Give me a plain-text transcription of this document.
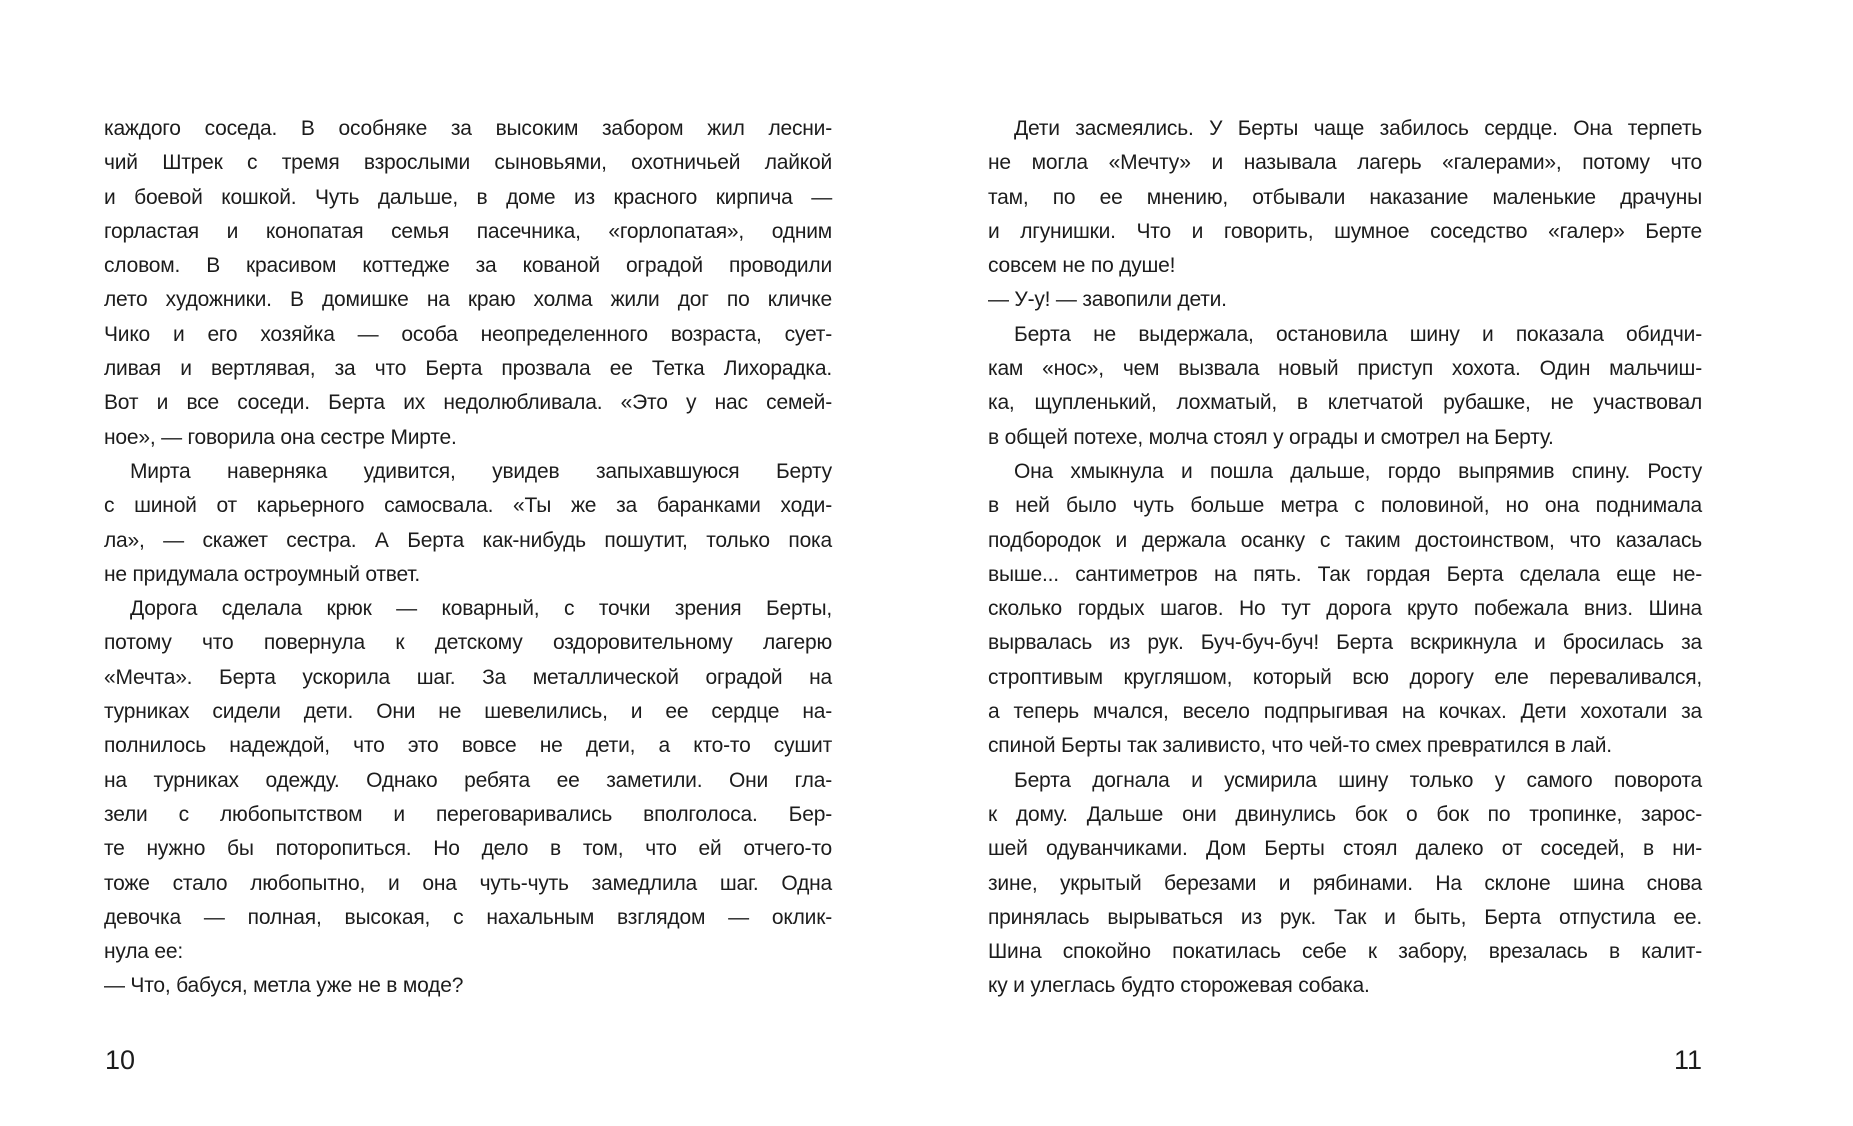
каждого соседа. В особняке за высоким забором жил лесни-
чий Штрек с тремя взрослыми сыновьями, охотничьей лайкой
и боевой кошкой. Чуть дальше, в доме из красного кирпича —
горластая и конопатая семья пасечника, «горлопатая», одним
словом. В красивом коттедже за кованой оградой проводили
лето художники. В домишке на краю холма жили дог по кличке
Чико и его хозяйка — особа неопределенного возраста, сует-
ливая и вертлявая, за что Берта прозвала ее Тетка Лихорадка.
Вот и все соседи. Берта их недолюбливала. «Это у нас семей-
ное», — говорила она сестре Мирте.
Мирта наверняка удивится, увидев запыхавшуюся Берту
с шиной от карьерного самосвала. «Ты же за баранками ходи-
ла», — скажет сестра. А Берта как-нибудь пошутит, только пока
не придумала остроумный ответ.
Дорога сделала крюк — коварный, с точки зрения Берты,
потому что повернула к детскому оздоровительному лагерю
«Мечта». Берта ускорила шаг. За металлической оградой на
турниках сидели дети. Они не шевелились, и ее сердце на-
полнилось надеждой, что это вовсе не дети, а кто-то сушит
на турниках одежду. Однако ребята ее заметили. Они гла-
зели с любопытством и переговаривались вполголоса. Бер-
те нужно бы поторопиться. Но дело в том, что ей отчего-то
тоже стало любопытно, и она чуть-чуть замедлила шаг. Одна
девочка — полная, высокая, с нахальным взглядом — оклик-
нула ее:
— Что, бабуся, метла уже не в моде?
Дети засмеялись. У Берты чаще забилось сердце. Она терпеть
не могла «Мечту» и называла лагерь «галерами», потому что
там, по ее мнению, отбывали наказание маленькие драчуны
и лгунишки. Что и говорить, шумное соседство «галер» Берте
совсем не по душе!
— У-у! — завопили дети.
Берта не выдержала, остановила шину и показала обидчи-
кам «нос», чем вызвала новый приступ хохота. Один мальчиш-
ка, щупленький, лохматый, в клетчатой рубашке, не участвовал
в общей потехе, молча стоял у ограды и смотрел на Берту.
Она хмыкнула и пошла дальше, гордо выпрямив спину. Росту
в ней было чуть больше метра с половиной, но она поднимала
подбородок и держала осанку с таким достоинством, что казалась
выше... сантиметров на пять. Так гордая Берта сделала еще не-
сколько гордых шагов. Но тут дорога круто побежала вниз. Шина
вырвалась из рук. Буч-буч-буч! Берта вскрикнула и бросилась за
строптивым кругляшом, который всю дорогу еле переваливался,
а теперь мчался, весело подпрыгивая на кочках. Дети хохотали за
спиной Берты так заливисто, что чей-то смех превратился в лай.
Берта догнала и усмирила шину только у самого поворота
к дому. Дальше они двинулись бок о бок по тропинке, зарос-
шей одуванчиками. Дом Берты стоял далеко от соседей, в ни-
зине, укрытый березами и рябинами. На склоне шина снова
принялась вырываться из рук. Так и быть, Берта отпустила ее.
Шина спокойно покатилась себе к забору, врезалась в калит-
ку и улеглась будто сторожевая собака.
10	11
